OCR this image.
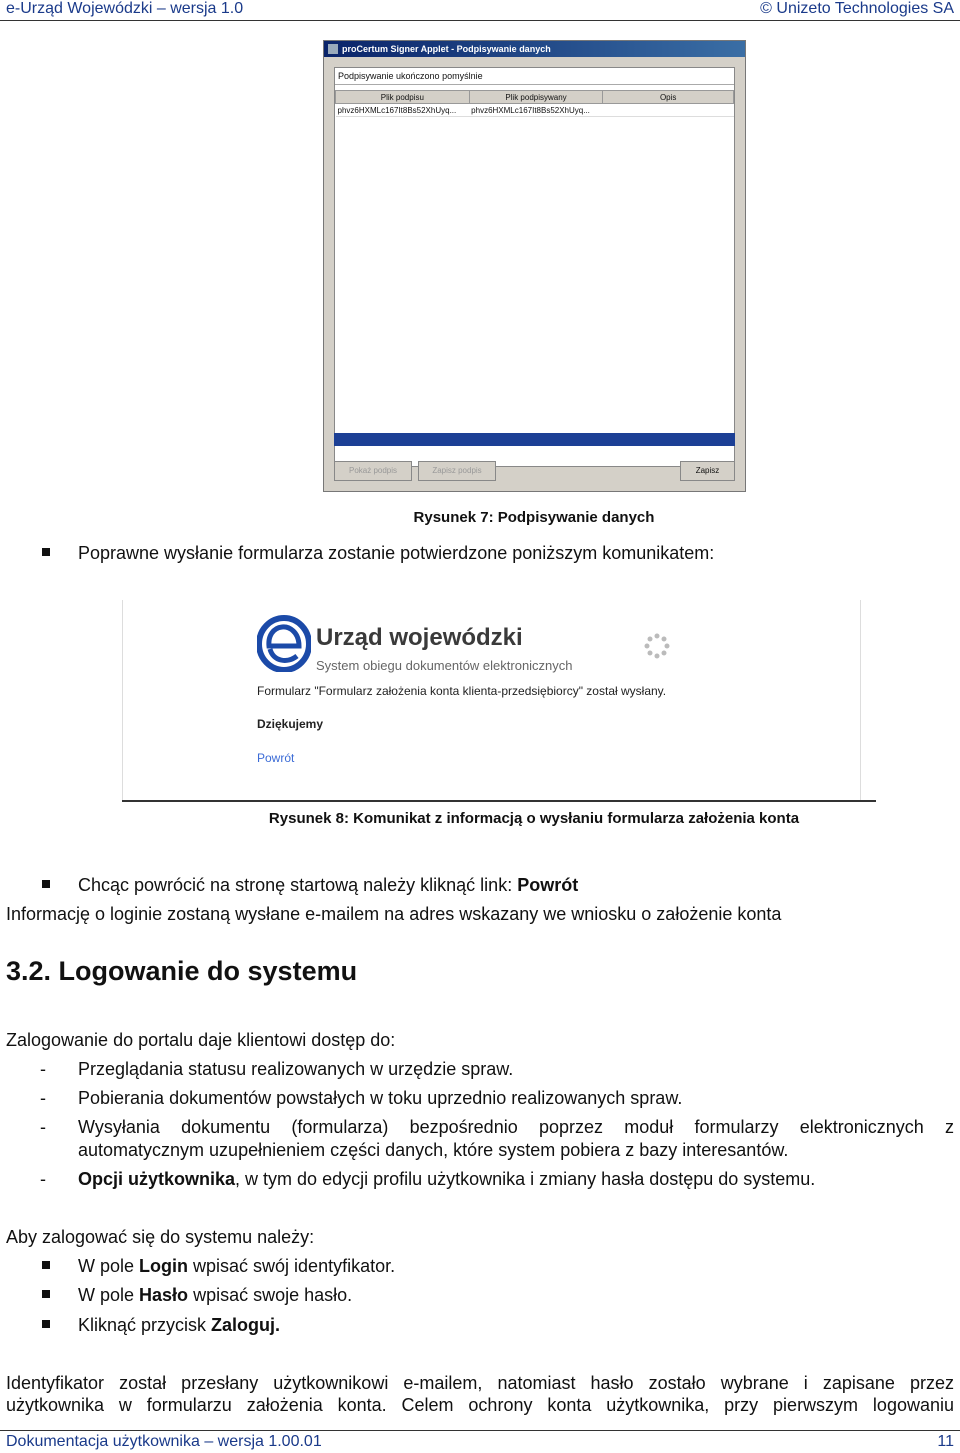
e-Urząd Wojewódzki – wersja 1.0	© Unizeto Technologies SA
proCertum Signer Applet - Podpisywanie danych
Podpisywanie ukończono pomyślnie
Plik podpisu	Plik podpisywany	Opis
phvz6HXMLc167It8Bs52XhUyq...	phvz6HXMLc167It8Bs52XhUyq...	
Pokaż podpis	Zapisz podpis	Zapisz
Rysunek 7: Podpisywanie danych
Poprawne wysłanie formularza zostanie potwierdzone poniższym komunikatem:
Urząd wojewódzki
System obiegu dokumentów elektronicznych
Formularz "Formularz założenia konta klienta-przedsiębiorcy" został wysłany.
Dziękujemy
Powrót
Rysunek 8: Komunikat z informacją o wysłaniu formularza założenia konta
Chcąc powrócić na stronę startową należy kliknąć link: Powrót
Informację o loginie zostaną wysłane e-mailem na adres wskazany we wniosku o założenie konta
3.2. Logowanie do systemu
Zalogowanie do portalu daje klientowi dostęp do:
- Przeglądania statusu realizowanych w urzędzie spraw.
- Pobierania dokumentów powstałych w toku uprzednio realizowanych spraw.
- Wysyłania dokumentu (formularza) bezpośrednio poprzez moduł formularzy elektronicznych z
automatycznym uzupełnieniem części danych, które system pobiera z bazy interesantów.
- Opcji użytkownika, w tym do edycji profilu użytkownika i zmiany hasła dostępu do systemu.
Aby zalogować się do systemu należy:
W pole Login wpisać swój identyfikator.
W pole Hasło wpisać swoje hasło.
Kliknąć przycisk Zaloguj.
Identyfikator został przesłany użytkownikowi e-mailem, natomiast hasło zostało wybrane i zapisane przez
użytkownika w formularzu założenia konta. Celem ochrony konta użytkownika, przy pierwszym logowaniu
Dokumentacja użytkownika – wersja 1.00.01	11
